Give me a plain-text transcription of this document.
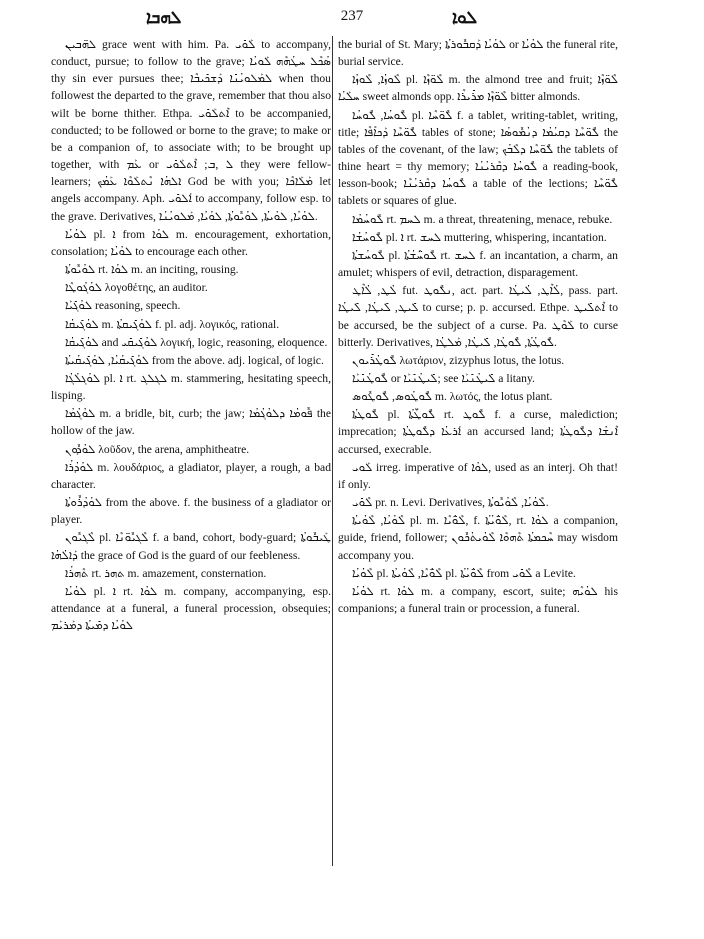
ܠܗܒܐ	237	ܠܘܐ

ܠܗ̈ܒܝܢ grace went with him. Pa. ܠܰܘܺܝ to accompany, conduct, pursue; to follow to the grave; ܣܳܟܶܠ ܚܛܳܗܶܗ ܠܰܘܝܳܐ thy sin ever pursues thee; ܠܡܰܠܘܝܳܢܺܐ ܕܰܫܟܺܝܒܶܐ when thou followest the departed to the grave, remember that thou also wilt be borne thither. Ethpa. ܐܶܬܠܰܘܺܝ to be accompanied, conducted; to be followed or borne to the grave; to make or be a companion of, to associate with; to be brought up together, with ܥܰܡ or ܠ ,ܒ; ܐܶܬܠܰܘܺܝ they were fellow-learners; ܐܠܗܳܐ ܢܶܬܠܰܘܶܐ ܥܰܡܳܟ God be with you; ܡܰܠܰܐܟܶܐ let angels accompany. Aph. ܐܰܠܘܺܝ to accompany, follow esp. to the grave. Derivatives, ܠܘܳܝܳܐ, ܠܘܳܝܬܳܐ, ܠܘܳܝܽܘܬܳܐ, ܠܘܳܝܳܐ, ܡܰܠܘܝܳܢܳܐ.

ܠܘܳܝܳܐ pl. ܐ from ܠܘܳܐ m. encouragement, exhortation, consolation; ܠܘܳܝܳܐ to encourage each other.

ܠܘܳܝܽܘܬܳܐ rt. ܠܘܳܐ m. an inciting, rousing.

ܠܘܳܓܳܘܛܶܐ λογοθέτης, an auditor.

ܠܘܳܓܺܝܰܐ reasoning, speech.

ܠܘܳܓܺܝܩܳܐ m. ܠܘܳܓܺܝܩܬܳܐ f. pl. adj. λογικός, rational.

ܠܘܳܓܺܝܩܳܐ and ܠܘܳܓܺܝܩܺܝ λογική, logic, reasoning, eloquence.

ܠܘܳܓܺܝܩܳܝܳܐ, ܠܘܳܓܺܝܩܳܝܬܳܐ from the above. adj. logical, of logic.

ܠܘܳܓܠܳܓܳܐ pl. ܐ rt. ܠܓܠܓ m. stammering, hesitating speech, lisping.

ܠܘܳܓܳܡܳܐ m. a bridle, bit, curb; the jaw; ܦܽܘܡܳܐ ܕܠܘܳܓܳܡܳܐ the hollow of the jaw.

ܠܘܳܕܽܘܢ λοῦδον, the arena, amphitheatre.

ܠܘܳܕܳܪܳܐ m. λουδάριος, a gladiator, player, a rough, a bad character.

ܠܘܳܕܳܪܽܘܬܳܐ from the above. f. the business of a gladiator or player.

ܠܶܓܝܽܘܢ pl. ܠܶܓܝܽܘ̈ܢܶܐ f. a band, cohort, body-guard; ܛܰܝܒܽܘܬܳܐ ܕܰܐܠܳܗܳܐ the grace of God is the guard of our feebleness.

ܬܶܗܪܳܐ rt. ܬܗܪ m. amazement, consternation.

ܠܘܳܝܳܐ pl. ܐ rt. ܠܘܳܐ m. company, accompanying, esp. attendance at a funeral, a funeral procession, obsequies; ܠܘܳܝܳܐ ܕܡܺܝܬܳܐ ܕܡܰܪܝܰܡ

the burial of St. Mary; ܠܘܳܝܳܐ ܕܰܩܒܽܘܪܬܳܐ or ܠܘܳܝܳܐ the funeral rite, burial service.

ܠܶܘܙܳܐ, ܠܶܘܙܳܐ pl. ܠܶܘ̈ܙܶܐ m. the almond tree and fruit; ܠܶܘ̈ܙܶܐ ܚܠܰܝܳܐ sweet almonds opp. ܠܶܘ̈ܙܶܐ ܡܪܺܝܪܶܐ bitter almonds.

ܠܽܘܚܳܐ, ܠܽܘܚܳܐ pl. ܠܽܘ̈ܚܶܐ f. a tablet, writing-tablet, writing, title; ܠܽܘ̈ܚܶܐ ܕܰܟܐܺܦܶܐ tables of stone; ܠܽܘ̈ܚܶܐ ܕܩܝܳܡܳܐ ܕܢܳܡܽܘܣܳܐ the tables of the covenant, of the law; ܠܽܘ̈ܚܶܐ ܕܠܶܒܳܟ the tablets of thine heart = thy memory; ܠܽܘܚܳܐ ܕܩܶܪܝܳܢܳܐ a reading-book, lesson-book; ܠܽܘܚܳܐ ܕܩܶܪܝܳܢܶܐ a table of the lections; ܠܽܘ̈ܚܶܐ tablets or squares of glue.

ܠܽܘܚܳܡܳܐ rt. ܠܚܡ m. a threat, threatening, menace, rebuke.

ܠܽܘܚܳܫܳܐ pl. ܐ rt. ܠܚܫ muttering, whispering, incantation.

ܠܽܘܚܳܫܬܳܐ pl. ܠܽܘܚܳ̈ܫܳܬܳܐ rt. ܠܚܫ f. an incantation, a charm, an amulet; whispers of evil, detraction, disparagement.

ܠܳܛ, ܠܳܐܶܛ fut. ܢܠܽܘܛ, act. part. ܠܳܐܶܛ, ܠܳܝܛܳܐ, pass. part. ܠܺܝܛ, ܠܺܝܛܳܐ, ܠܺܝܛܳܐ to curse; p. p. accursed. Ethpe. ܐܶܬܠܺܝܛ to be accursed, be the subject of a curse. Pa. ܠܰܘܶܛ to curse bitterly. Derivatives, ܠܽܘܛܳܬܳܐ, ܠܽܘܛܳܐ, ܠܺܝܛܳܐ, ܡܰܠܛܳܐ.

ܠܽܘܛܳܪܺܝܘܢ λωτάριον, zizyphus lotus, the lotus.

ܠܽܘܛܳܢܺܝܰܐ or ܠܺܝܛܳܢܺܝܰܐ; see ܠܺܝܛܳܢܺܝܰܐ a litany.

ܠܽܘܛܳܘܣ, ܠܽܘܛܽܘܣ m. λωτός, the lotus plant.

ܠܽܘܛܬܳܐ pl. ܠܽܘܛ̈ܳܬܳܐ rt. ܠܽܘܛ f. a curse, malediction; imprecation; ܐܰܪܥܳܐ ܕܠܽܘܛܬܳܐ an accursed land; ܐܶܢܫܳܐ ܕܠܽܘܛܬܳܐ accursed, execrable.

ܠܰܘܝ irreg. imperative of ܠܘܳܐ, used as an interj. Oh that! if only.

ܠܶܘܺܝ pr. n. Levi. Derivatives, ܠܶܘܳܝܳܐ, ܠܶܘܳܝܽܘܬܳܐ.

ܠܶܘܳܝܳܐ, ܠܶܘܳܝܬܳܐ pl. m. ܠܶܘ̈ܳܝܶܐ, f. ܠܶܘ̈ܳܝܳܬܳܐ, rt. ܠܘܳܐ a companion, guide, friend, follower; ܚܶܟܡܬܳܐ ܬܶܗܘܶܐ ܠܶܘܳܝܬܳܟܽܘܢ may wisdom accompany you.

ܠܶܘܳܝܳܐ pl. ܠܶܘ̈ܳܝܶܐ, ܠܶܘܳܝܬܳܐ pl. ܠܶܘ̈ܳܝܳܬܳܐ from ܠܶܘܺܝ a Levite.

ܠܘܳܝܳܐ rt. ܠܘܳܐ m. a company, escort, suite; ܠܘܳܝܶܗ his companions; a funeral train or procession, a funeral.
